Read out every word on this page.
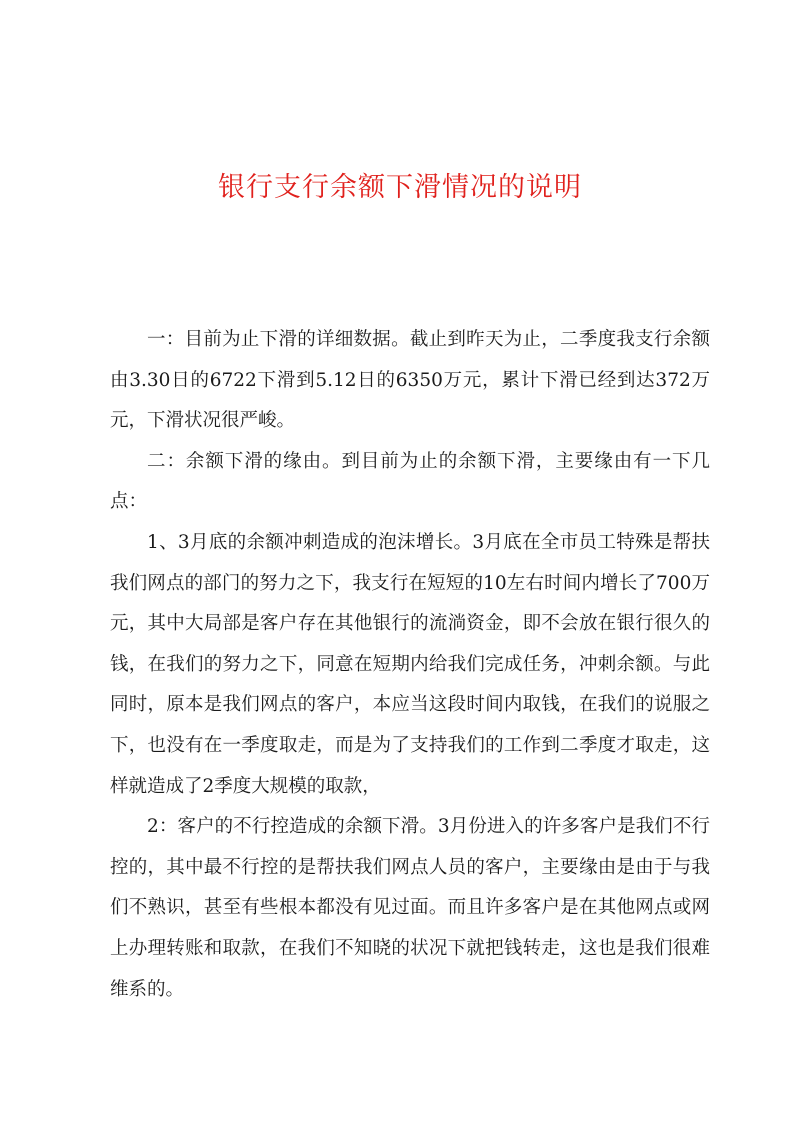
银行支行余额下滑情况的说明

一：目前为止下滑的详细数据。截止到昨天为止，二季度我支行余额由3.30日的6722下滑到5.12日的6350万元，累计下滑已经到达372万元，下滑状况很严峻。

二：余额下滑的缘由。到目前为止的余额下滑，主要缘由有一下几点：

1、3月底的余额冲刺造成的泡沫增长。3月底在全市员工特殊是帮扶我们网点的部门的努力之下，我支行在短短的10左右时间内增长了700万元，其中大局部是客户存在其他银行的流淌资金，即不会放在银行很久的钱，在我们的努力之下，同意在短期内给我们完成任务，冲刺余额。与此同时，原本是我们网点的客户，本应当这段时间内取钱，在我们的说服之下，也没有在一季度取走，而是为了支持我们的工作到二季度才取走，这样就造成了2季度大规模的取款，

2：客户的不行控造成的余额下滑。3月份进入的许多客户是我们不行控的，其中最不行控的是帮扶我们网点人员的客户，主要缘由是由于与我们不熟识，甚至有些根本都没有见过面。而且许多客户是在其他网点或网上办理转账和取款，在我们不知晓的状况下就把钱转走，这也是我们很难维系的。
